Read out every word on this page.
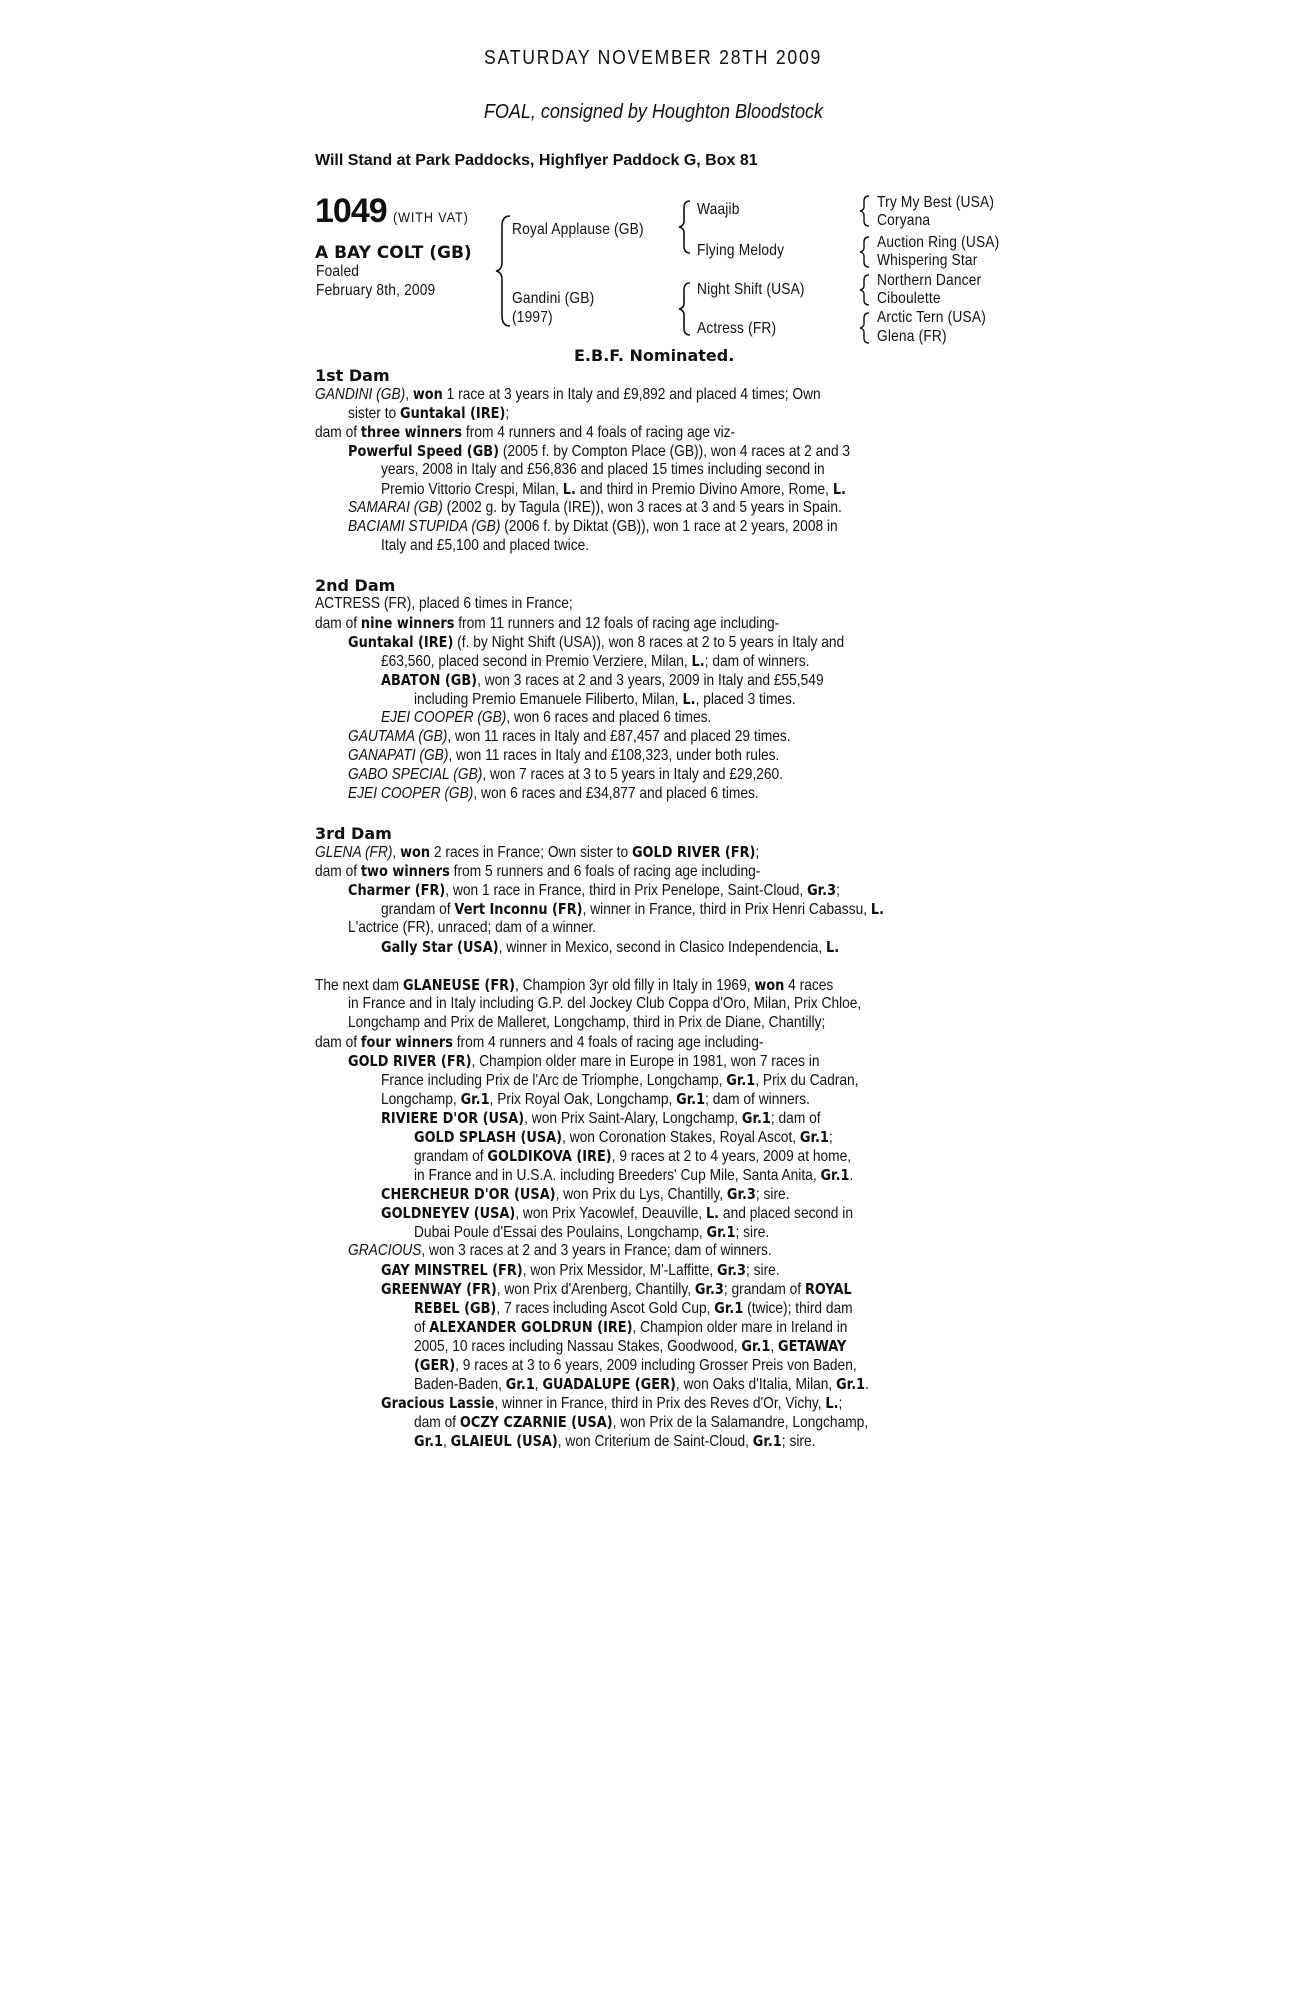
SATURDAY NOVEMBER 28TH 2009
FOAL, consigned by Houghton Bloodstock
Will Stand at Park Paddocks, Highflyer Paddock G, Box 81
1049 (WITH VAT)
A BAY COLT (GB)
Foaled
February 8th, 2009
Royal Applause (GB)
Gandini (GB)
(1997)
Waajib
Flying Melody
Night Shift (USA)
Actress (FR)
Try My Best (USA)
Coryana
Auction Ring (USA)
Whispering Star
Northern Dancer
Ciboulette
Arctic Tern (USA)
Glena (FR)
E.B.F. Nominated.
1st Dam
GANDINI (GB), won 1 race at 3 years in Italy and £9,892 and placed 4 times; Own
sister to Guntakal (IRE);
dam of three winners from 4 runners and 4 foals of racing age viz-
Powerful Speed (GB) (2005 f. by Compton Place (GB)), won 4 races at 2 and 3
years, 2008 in Italy and £56,836 and placed 15 times including second in
Premio Vittorio Crespi, Milan, L. and third in Premio Divino Amore, Rome, L.
SAMARAI (GB) (2002 g. by Tagula (IRE)), won 3 races at 3 and 5 years in Spain.
BACIAMI STUPIDA (GB) (2006 f. by Diktat (GB)), won 1 race at 2 years, 2008 in
Italy and £5,100 and placed twice.
2nd Dam
ACTRESS (FR), placed 6 times in France;
dam of nine winners from 11 runners and 12 foals of racing age including-
Guntakal (IRE) (f. by Night Shift (USA)), won 8 races at 2 to 5 years in Italy and
£63,560, placed second in Premio Verziere, Milan, L.; dam of winners.
ABATON (GB), won 3 races at 2 and 3 years, 2009 in Italy and £55,549
including Premio Emanuele Filiberto, Milan, L., placed 3 times.
EJEI COOPER (GB), won 6 races and placed 6 times.
GAUTAMA (GB), won 11 races in Italy and £87,457 and placed 29 times.
GANAPATI (GB), won 11 races in Italy and £108,323, under both rules.
GABO SPECIAL (GB), won 7 races at 3 to 5 years in Italy and £29,260.
EJEI COOPER (GB), won 6 races and £34,877 and placed 6 times.
3rd Dam
GLENA (FR), won 2 races in France; Own sister to GOLD RIVER (FR);
dam of two winners from 5 runners and 6 foals of racing age including-
Charmer (FR), won 1 race in France, third in Prix Penelope, Saint-Cloud, Gr.3;
grandam of Vert Inconnu (FR), winner in France, third in Prix Henri Cabassu, L.
L'actrice (FR), unraced; dam of a winner.
Gally Star (USA), winner in Mexico, second in Clasico Independencia, L.
The next dam GLANEUSE (FR), Champion 3yr old filly in Italy in 1969, won 4 races
in France and in Italy including G.P. del Jockey Club Coppa d'Oro, Milan, Prix Chloe,
Longchamp and Prix de Malleret, Longchamp, third in Prix de Diane, Chantilly;
dam of four winners from 4 runners and 4 foals of racing age including-
GOLD RIVER (FR), Champion older mare in Europe in 1981, won 7 races in
France including Prix de l'Arc de Triomphe, Longchamp, Gr.1, Prix du Cadran,
Longchamp, Gr.1, Prix Royal Oak, Longchamp, Gr.1; dam of winners.
RIVIERE D'OR (USA), won Prix Saint-Alary, Longchamp, Gr.1; dam of
GOLD SPLASH (USA), won Coronation Stakes, Royal Ascot, Gr.1;
grandam of GOLDIKOVA (IRE), 9 races at 2 to 4 years, 2009 at home,
in France and in U.S.A. including Breeders' Cup Mile, Santa Anita, Gr.1.
CHERCHEUR D'OR (USA), won Prix du Lys, Chantilly, Gr.3; sire.
GOLDNEYEV (USA), won Prix Yacowlef, Deauville, L. and placed second in
Dubai Poule d'Essai des Poulains, Longchamp, Gr.1; sire.
GRACIOUS, won 3 races at 2 and 3 years in France; dam of winners.
GAY MINSTREL (FR), won Prix Messidor, M'-Laffitte, Gr.3; sire.
GREENWAY (FR), won Prix d'Arenberg, Chantilly, Gr.3; grandam of ROYAL
REBEL (GB), 7 races including Ascot Gold Cup, Gr.1 (twice); third dam
of ALEXANDER GOLDRUN (IRE), Champion older mare in Ireland in
2005, 10 races including Nassau Stakes, Goodwood, Gr.1, GETAWAY
(GER), 9 races at 3 to 6 years, 2009 including Grosser Preis von Baden,
Baden-Baden, Gr.1, GUADALUPE (GER), won Oaks d'Italia, Milan, Gr.1.
Gracious Lassie, winner in France, third in Prix des Reves d'Or, Vichy, L.;
dam of OCZY CZARNIE (USA), won Prix de la Salamandre, Longchamp,
Gr.1, GLAIEUL (USA), won Criterium de Saint-Cloud, Gr.1; sire.
